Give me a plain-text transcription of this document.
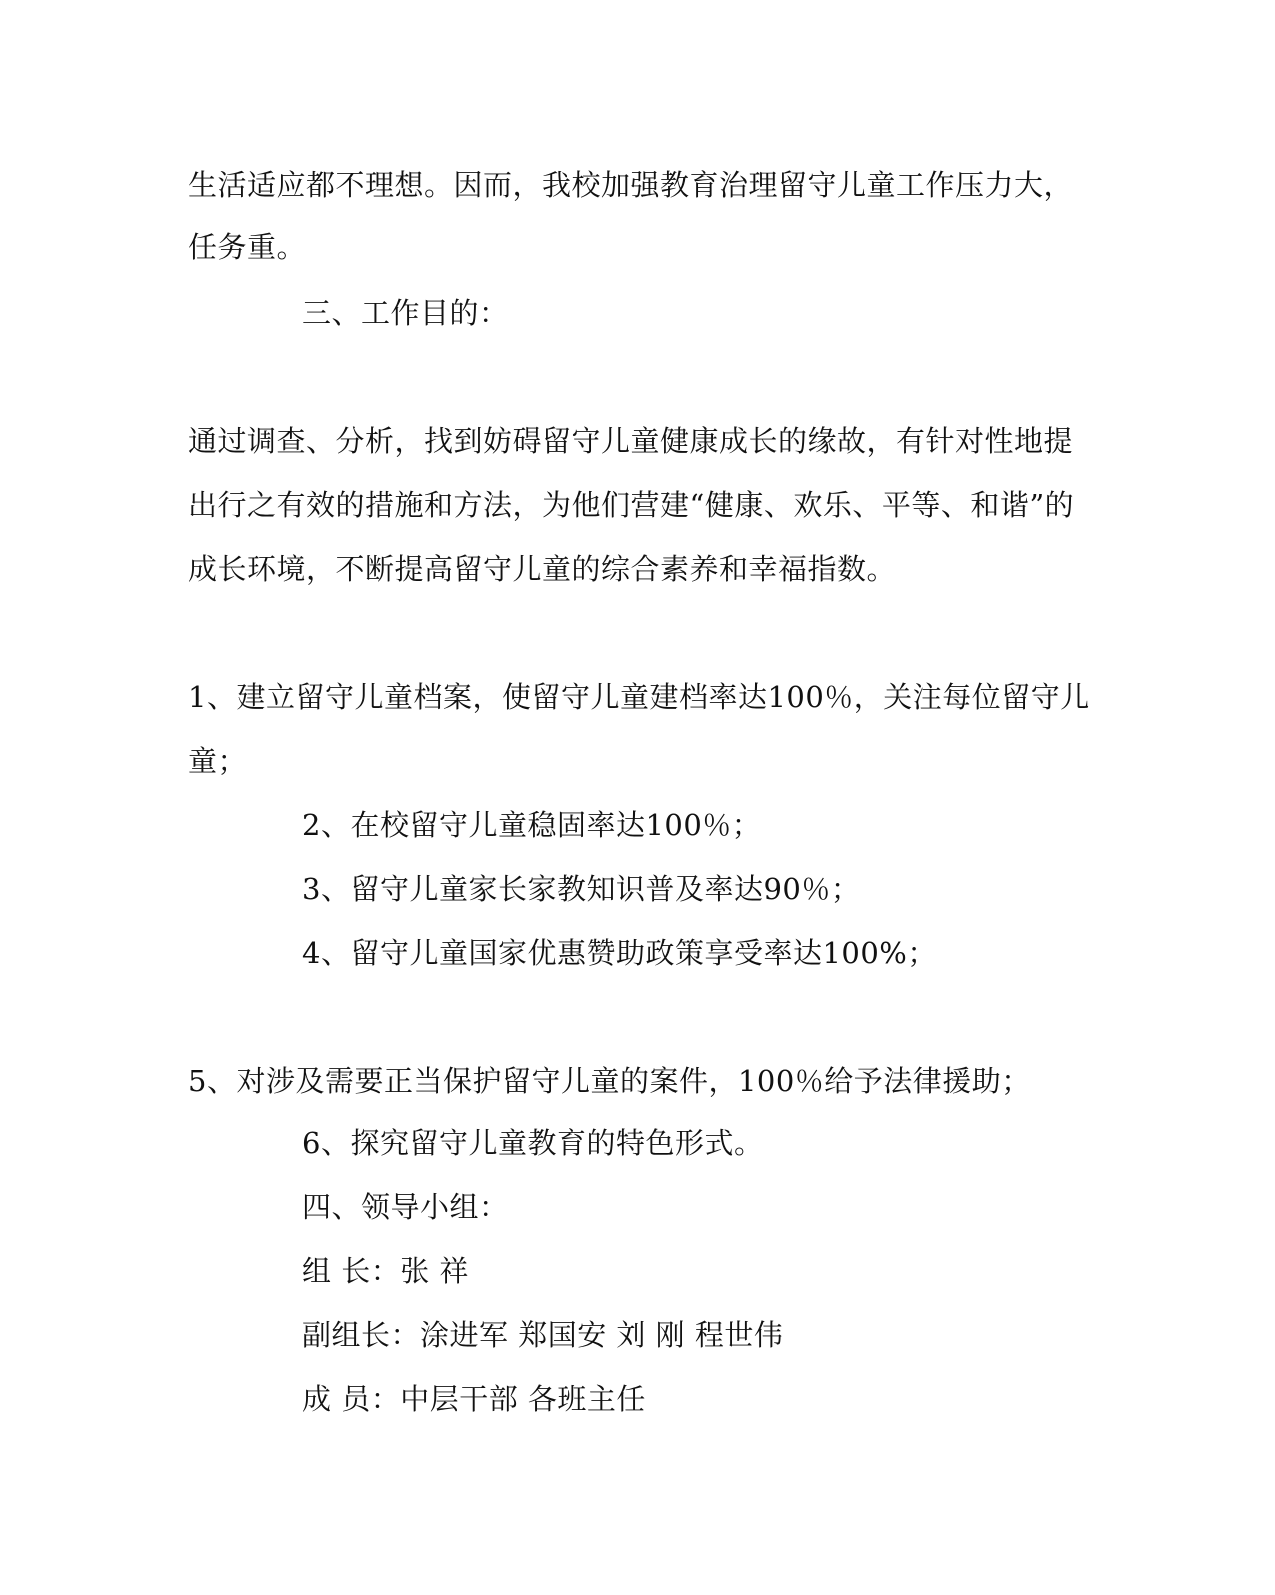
生活适应都不理想。因而，我校加强教育治理留守儿童工作压力大，
任务重。
三、工作目的：
通过调查、分析，找到妨碍留守儿童健康成长的缘故，有针对性地提
出行之有效的措施和方法，为他们营建“健康、欢乐、平等、和谐”的
成长环境，不断提高留守儿童的综合素养和幸福指数。
1、建立留守儿童档案，使留守儿童建档率达100％，关注每位留守儿
童；
2、在校留守儿童稳固率达100％；
3、留守儿童家长家教知识普及率达90％；
4、留守儿童国家优惠赞助政策享受率达100%；
5、对涉及需要正当保护留守儿童的案件，100％给予法律援助；
6、探究留守儿童教育的特色形式。
四、领导小组：
组 长：张 祥
副组长：涂进军 郑国安 刘 刚 程世伟
成 员：中层干部 各班主任
